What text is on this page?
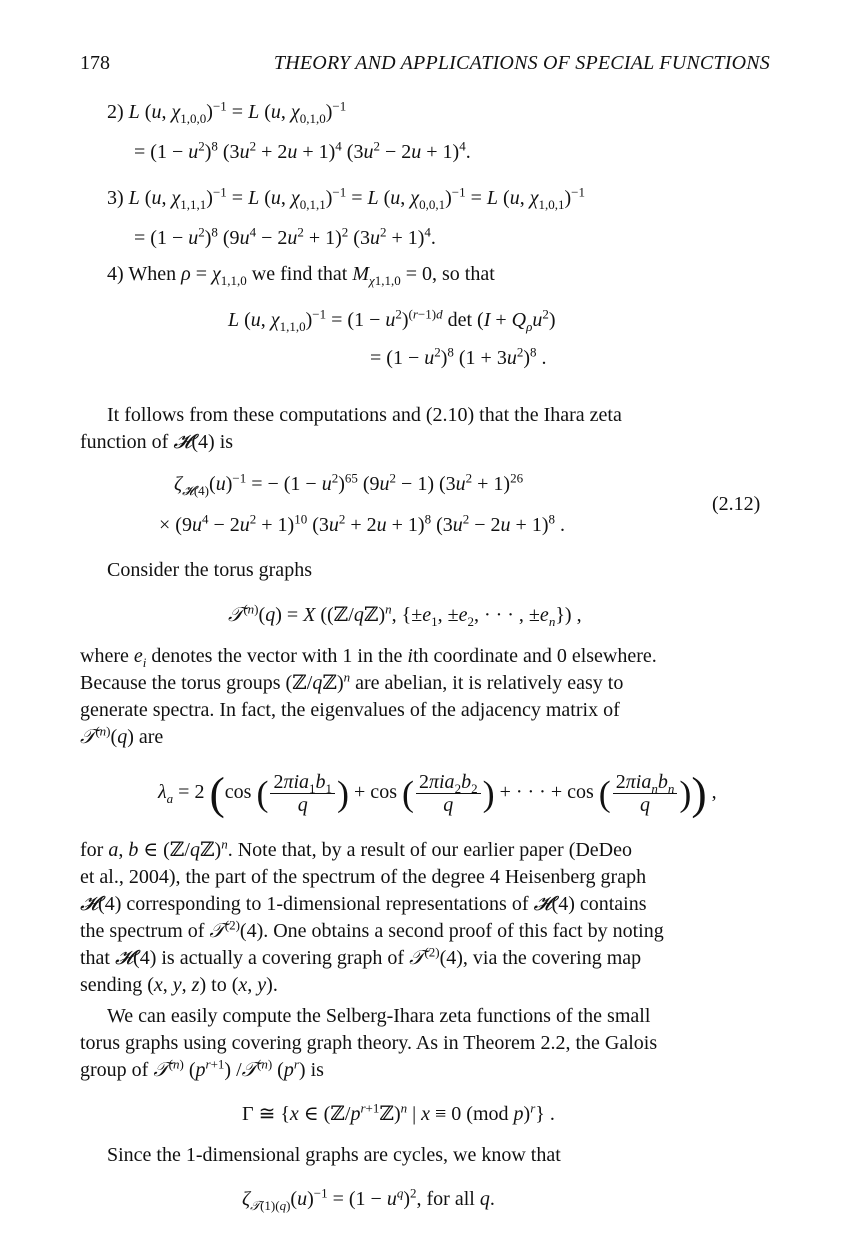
178	THEORY AND APPLICATIONS OF SPECIAL FUNCTIONS
2) L (u, $\chi_{1,0,0})^{-1} = L$ (u, $\chi_{0,1,0})^{-1}$
= $(1 - u^2)^8$ $(3u^2 + 2u + 1)^4$ $(3u^2 - 2u + 1)^4$.
3) L (u, $\chi_{1,1,1})^{-1} = L$ (u, $\chi_{0,1,1})^{-1} = L$ (u, $\chi_{0,0,1})^{-1} = L$ (u, $\chi_{1,0,1})^{-1}$
= $(1 - u^2)^8$ $(9u^4 - 2u^2 + 1)^2$ $(3u^2 + 1)^4$.
4) When $\rho = \chi_{1,1,0}$ we find that $M_{\chi 1,1,0} = 0$, so that
L (u, $\chi_{1,1,0})^{-1} = (1 - u^2)^{(r-1)d}$ $\det (I + Q_\rho u^2)$
= $(1 - u^2)^8$ $(1 + 3u^2)^8$ .
It follows from these computations and (2.10) that the Ihara zeta
function of 𝓗(4) is
$\zeta_{𝓗(4)}(u)^{-1}$ = − $(1 - u^2)^{65}$ $(9u^2 - 1) (3u^2 + 1)^{26}$
× $(9u^4 - 2u^2 + 1)^{10}$ $(3u^2 + 2u + 1)^8$ $(3u^2 - 2u + 1)^8$ .
(2.12)
Consider the torus graphs
𝒯$^{(n)}$(q) = X ((ℤ/qℤ)$^n$, {$\pm e_1$, $\pm e_2$, · · · , $\pm e_n$}) ,
where $e_i$ denotes the vector with 1 in the ith coordinate and 0 elsewhere.
Because the torus groups (ℤ/qℤ)$^n$ are abelian, it is relatively easy to
generate spectra. In fact, the eigenvalues of the adjacency matrix of
𝒯$^{(n)}$(q) are
$\lambda_a = 2$ (cos ( $\frac{2\pi ia_1b_1}{q}$ ) + cos ( $\frac{2\pi ia_2b_2}{q}$ ) + · · · + cos ( $\frac{2\pi ia_nb_n}{q}$ )) ,
for a, b ∈ (ℤ/qℤ)$^n$. Note that, by a result of our earlier paper (DeDeo
et al., 2004), the part of the spectrum of the degree 4 Heisenberg graph
𝓗(4) corresponding to 1-dimensional representations of 𝓗(4) contains
the spectrum of 𝒯$^{(2)}$(4). One obtains a second proof of this fact by noting
that 𝓗(4) is actually a covering graph of 𝒯$^{(2)}$(4), via the covering map
sending (x, y, z) to (x, y).
We can easily compute the Selberg-Ihara zeta functions of the small
torus graphs using covering graph theory. As in Theorem 2.2, the Galois
group of 𝒯$^{(n)}$ $(p^{r+1})$ /𝒯$^{(n)}$ $(p^r)$ is
Γ ≅ {x ∈ $(ℤ/p^{r+1}ℤ)^n$ | x ≡ 0 (mod p)$^r$} .
Since the 1-dimensional graphs are cycles, we know that
$\zeta_{𝒯(1)(q)}(u)^{-1} = (1 - u^q)^2$, for all q.
